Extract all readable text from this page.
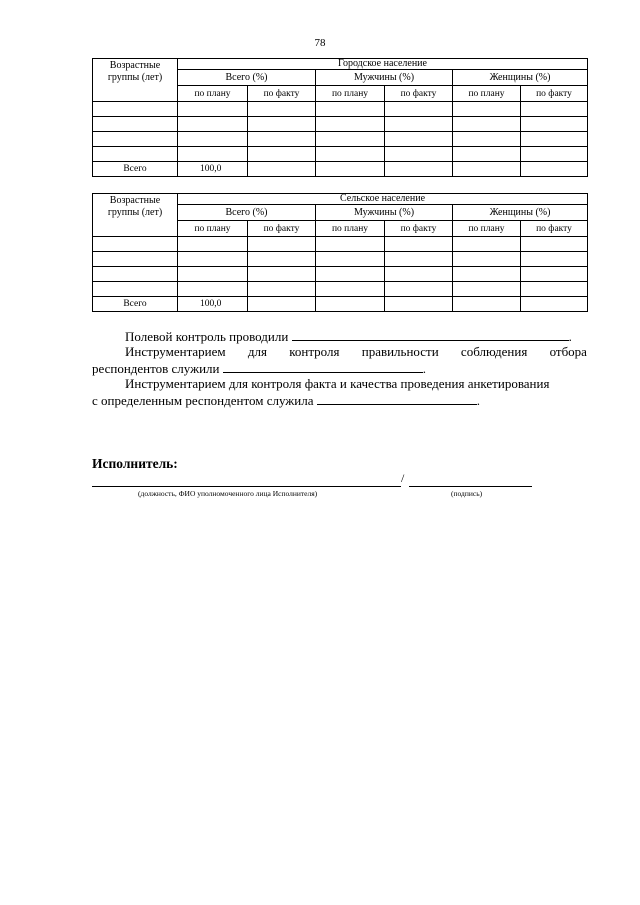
78
Возрастные группы (лет)	Городское население					
	Всего (%)		Мужчины (%)		Женщины (%)	
	по плану	по факту	по плану	по факту	по плану	по факту

Всего	100,0					
Возрастные группы (лет)	Сельское население					
	Всего (%)		Мужчины (%)		Женщины (%)	
	по плану	по факту	по плану	по факту	по плану	по факту

Всего	100,0					
Полевой контроль проводили	.
Инструментарием для контроля правильности соблюдения отбора
респондентов служили	.
Инструментарием для контроля факта и качества проведения анкетирования
с определенным респондентом служила	.
Исполнитель:
/
(должность, ФИО уполномоченного лица Исполнителя)	(подпись)
